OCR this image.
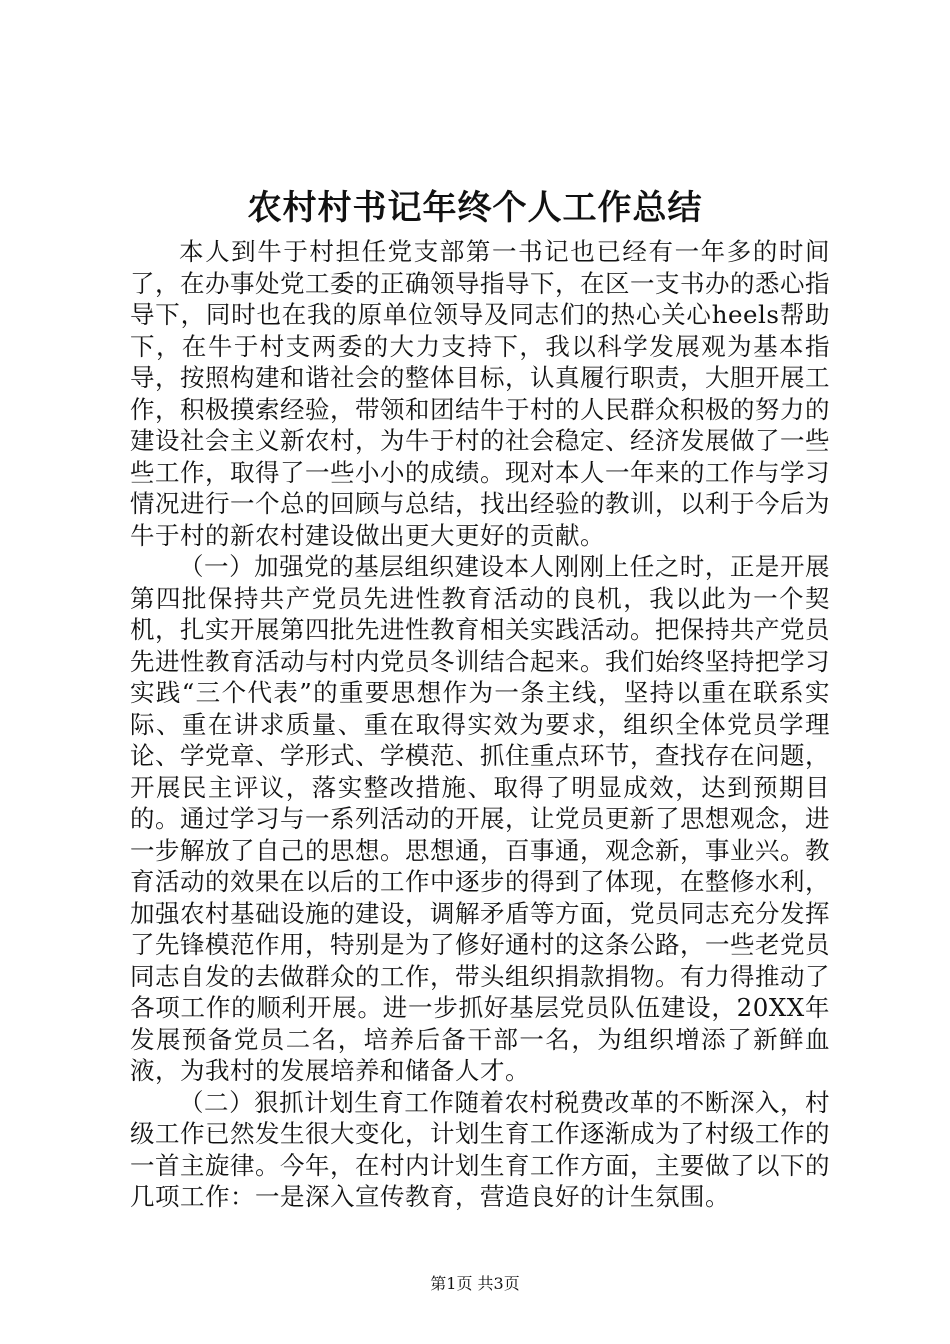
农村村书记年终个人工作总结

本人到牛于村担任党支部第一书记也已经有一年多的时间了，在办事处党工委的正确领导指导下，在区一支书办的悉心指导下，同时也在我的原单位领导及同志们的热心关心heels帮助下，在牛于村支两委的大力支持下，我以科学发展观为基本指导，按照构建和谐社会的整体目标，认真履行职责，大胆开展工作，积极摸索经验，带领和团结牛于村的人民群众积极的努力的建设社会主义新农村，为牛于村的社会稳定、经济发展做了一些些工作，取得了一些小小的成绩。现对本人一年来的工作与学习情况进行一个总的回顾与总结，找出经验的教训，以利于今后为牛于村的新农村建设做出更大更好的贡献。

（一）加强党的基层组织建设本人刚刚上任之时，正是开展第四批保持共产党员先进性教育活动的良机，我以此为一个契机，扎实开展第四批先进性教育相关实践活动。把保持共产党员先进性教育活动与村内党员冬训结合起来。我们始终坚持把学习实践“三个代表”的重要思想作为一条主线，坚持以重在联系实际、重在讲求质量、重在取得实效为要求，组织全体党员学理论、学党章、学形式、学模范、抓住重点环节，查找存在问题，开展民主评议，落实整改措施、取得了明显成效，达到预期目的。通过学习与一系列活动的开展，让党员更新了思想观念，进一步解放了自己的思想。思想通，百事通，观念新，事业兴。教育活动的效果在以后的工作中逐步的得到了体现，在整修水利，加强农村基础设施的建设，调解矛盾等方面，党员同志充分发挥了先锋模范作用，特别是为了修好通村的这条公路，一些老党员同志自发的去做群众的工作，带头组织捐款捐物。有力得推动了各项工作的顺利开展。进一步抓好基层党员队伍建设，20XX年发展预备党员二名，培养后备干部一名，为组织增添了新鲜血液，为我村的发展培养和储备人才。

（二）狠抓计划生育工作随着农村税费改革的不断深入，村级工作已然发生很大变化，计划生育工作逐渐成为了村级工作的一首主旋律。今年，在村内计划生育工作方面，主要做了以下的几项工作：一是深入宣传教育，营造良好的计生氛围。

第1页 共3页
